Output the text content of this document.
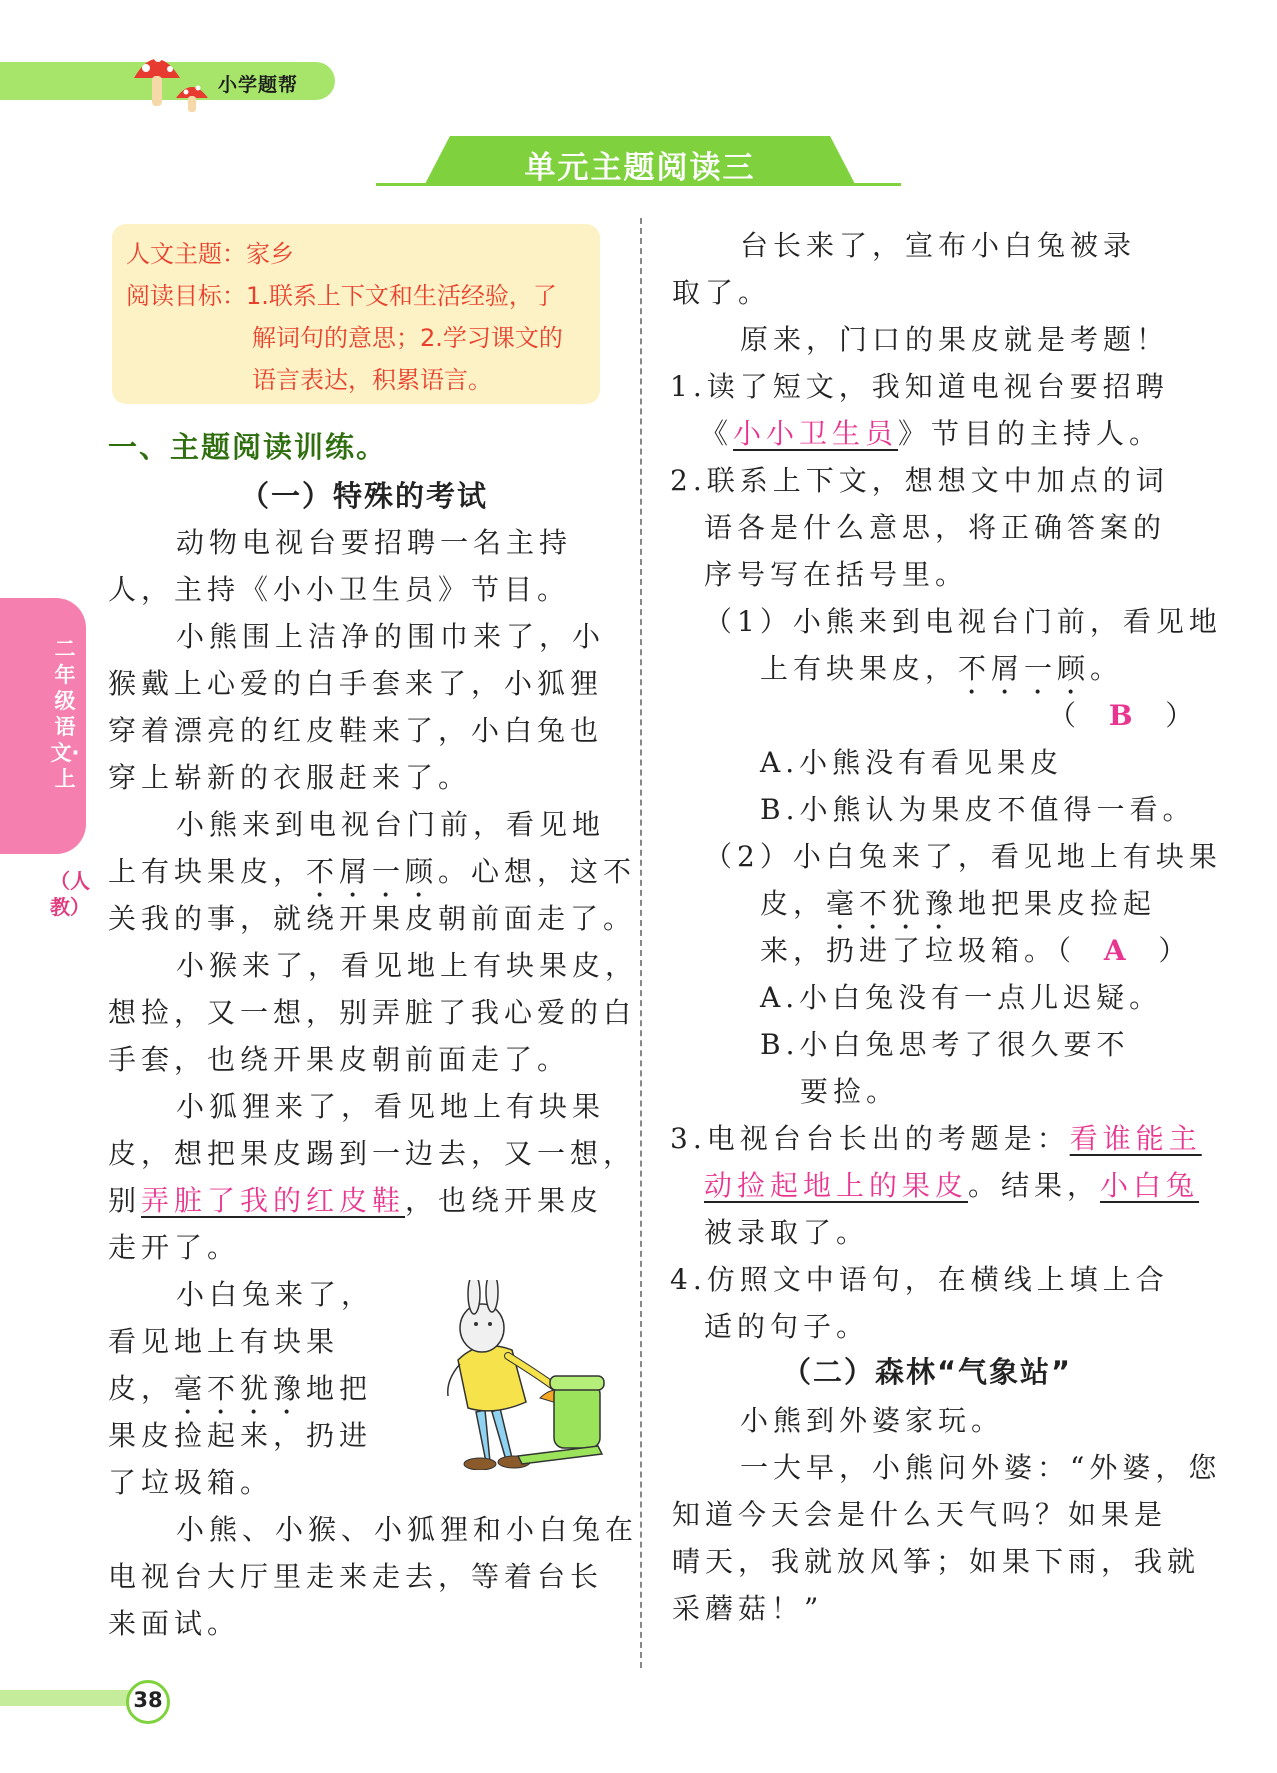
小学题帮
单元主题阅读三
人文主题：家乡
阅读目标：1.联系上下文和生活经验，了
解词句的意思；2.学习课文的
语言表达，积累语言。
二年级语文·上
（人教）
一、主题阅读训练。
（一）特殊的考试
动物电视台要招聘一名主持
人，主持《小小卫生员》节目。
小熊围上洁净的围巾来了，小
猴戴上心爱的白手套来了，小狐狸
穿着漂亮的红皮鞋来了，小白兔也
穿上崭新的衣服赶来了。
小熊来到电视台门前，看见地
上有块果皮，不屑一顾。心想，这不
关我的事，就绕开果皮朝前面走了。
小猴来了，看见地上有块果皮，
想捡，又一想，别弄脏了我心爱的白
手套，也绕开果皮朝前面走了。
小狐狸来了，看见地上有块果
皮，想把果皮踢到一边去，又一想，
别弄脏了我的红皮鞋，也绕开果皮
走开了。
小白兔来了，
看见地上有块果
皮，毫不犹豫地把
果皮捡起来，扔进
了垃圾箱。
小熊、小猴、小狐狸和小白兔在
电视台大厅里走来走去，等着台长
来面试。
台长来了，宣布小白兔被录
取了。
原来，门口的果皮就是考题！
1.读了短文，我知道电视台要招聘
《小小卫生员》节目的主持人。
2.联系上下文，想想文中加点的词
语各是什么意思，将正确答案的
序号写在括号里。
（1）小熊来到电视台门前，看见地
上有块果皮，不屑一顾。
（  B  ）
A.小熊没有看见果皮
B.小熊认为果皮不值得一看。
（2）小白兔来了，看见地上有块果
皮，毫不犹豫地把果皮捡起
来，扔进了垃圾箱。（  A  ）
A.小白兔没有一点儿迟疑。
B.小白兔思考了很久要不
要捡。
3.电视台台长出的考题是：看谁能主
动捡起地上的果皮。结果，小白兔
被录取了。
4.仿照文中语句，在横线上填上合
适的句子。
（二）森林“气象站”
小熊到外婆家玩。
一大早，小熊问外婆：“外婆，您
知道今天会是什么天气吗？如果是
晴天，我就放风筝；如果下雨，我就
采蘑菇！”
38
